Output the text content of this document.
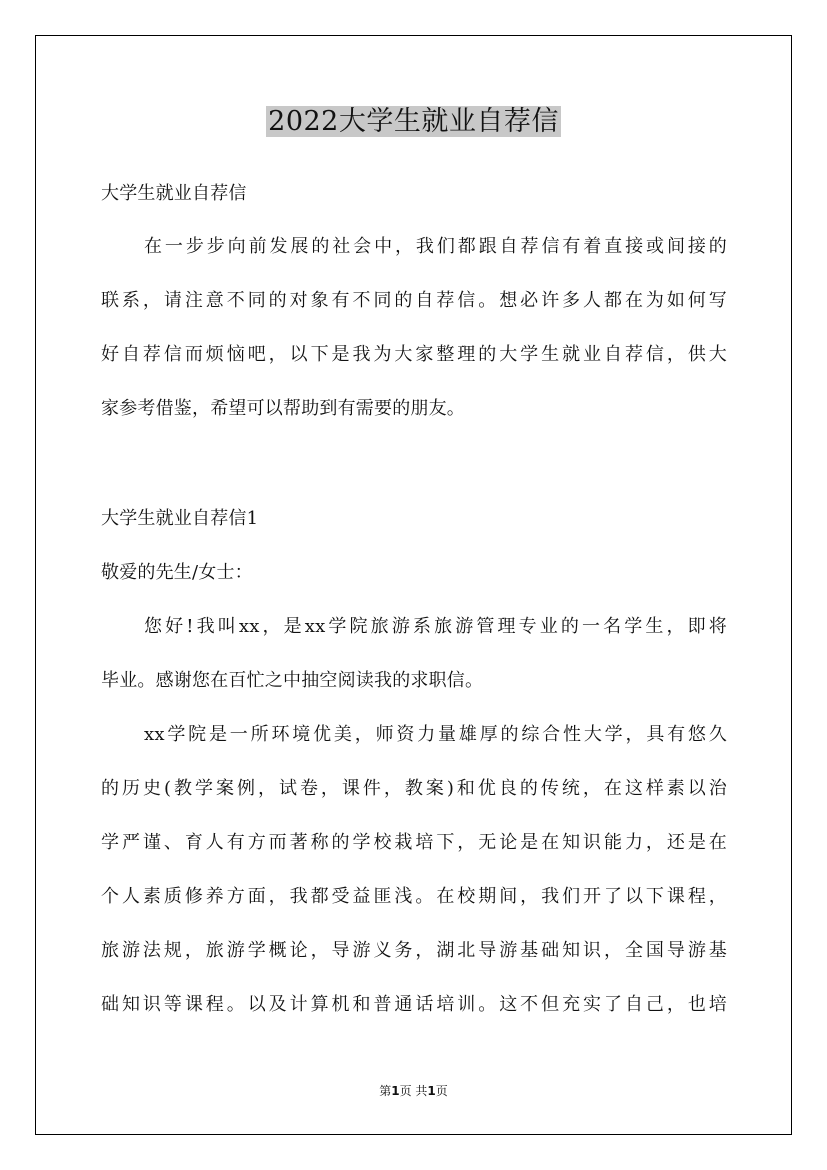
2022大学生就业自荐信
大学生就业自荐信
在一步步向前发展的社会中，我们都跟自荐信有着直接或间接的
联系，请注意不同的对象有不同的自荐信。想必许多人都在为如何写
好自荐信而烦恼吧，以下是我为大家整理的大学生就业自荐信，供大
家参考借鉴，希望可以帮助到有需要的朋友。
大学生就业自荐信1
敬爱的先生/女士：
您好!我叫xx，是xx学院旅游系旅游管理专业的一名学生，即将
毕业。感谢您在百忙之中抽空阅读我的求职信。
xx学院是一所环境优美，师资力量雄厚的综合性大学，具有悠久
的历史(教学案例，试卷，课件，教案)和优良的传统，在这样素以治
学严谨、育人有方而著称的学校栽培下，无论是在知识能力，还是在
个人素质修养方面，我都受益匪浅。在校期间，我们开了以下课程，
旅游法规，旅游学概论，导游义务，湖北导游基础知识，全国导游基
础知识等课程。以及计算机和普通话培训。这不但充实了自己，也培
第1页 共1页
